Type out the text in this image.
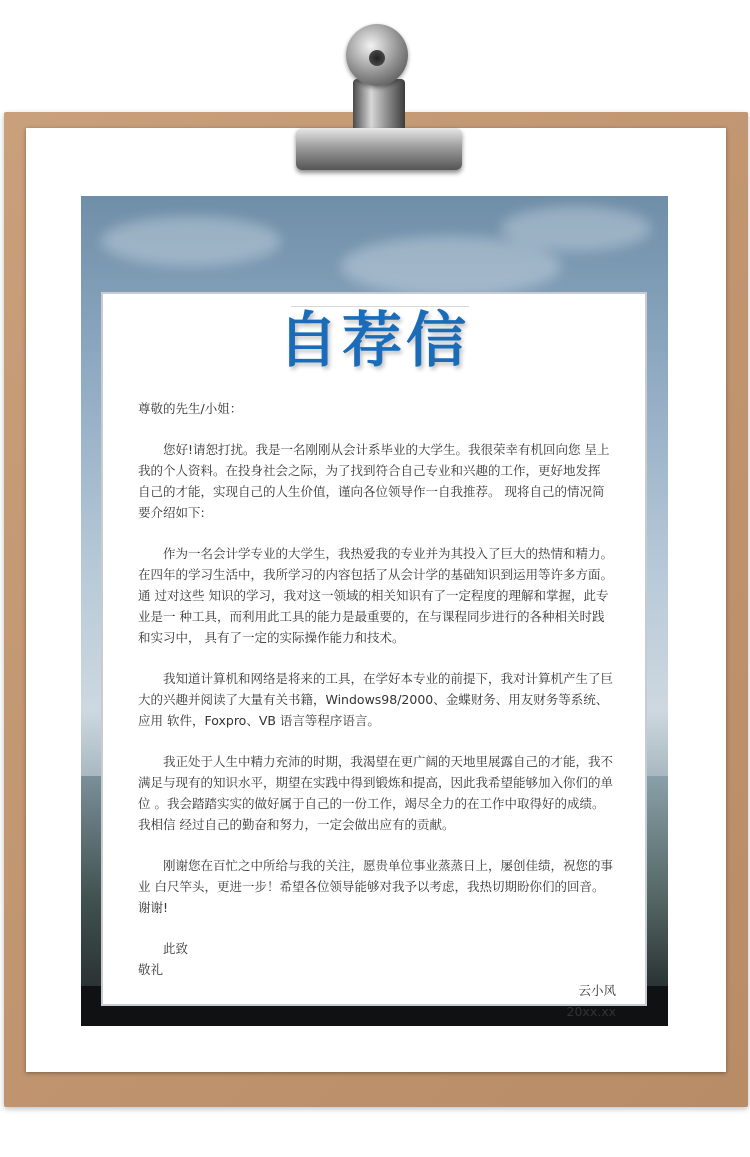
自荐信

尊敬的先生/小姐：

您好!请恕打扰。我是一名刚刚从会计系毕业的大学生。我很荣幸有机回向您 呈上我的个人资料。在投身社会之际，为了找到符合自己专业和兴趣的工作，更好地发挥 自己的才能，实现自己的人生价值，谨向各位领导作一自我推荐。 现将自己的情况简要介绍如下:

作为一名会计学专业的大学生，我热爱我的专业并为其投入了巨大的热情和精力。 在四年的学习生活中，我所学习的内容包括了从会计学的基础知识到运用等许多方面。通 过对这些 知识的学习，我对这一领域的相关知识有了一定程度的理解和掌握，此专业是一 种工具，而利用此工具的能力是最重要的，在与课程同步进行的各种相关时践和实习中， 具有了一定的实际操作能力和技术。

我知道计算机和网络是将来的工具，在学好本专业的前提下，我对计算机产生了巨 大的兴趣并阅读了大量有关书籍，Windows98/2000、金蝶财务、用友财务等系统、应用 软件，Foxpro、VB 语言等程序语言。

我正处于人生中精力充沛的时期，我渴望在更广阔的天地里展露自己的才能，我不 满足与现有的知识水平，期望在实践中得到锻炼和提高，因此我希望能够加入你们的单位 。我会踏踏实实的做好属于自己的一份工作，竭尽全力的在工作中取得好的成绩。我相信 经过自己的勤奋和努力，一定会做出应有的贡献。

刚谢您在百忙之中所给与我的关注，愿贵单位事业蒸蒸日上，屡创佳绩，祝您的事业 白尺竿头，更进一步！希望各位领导能够对我予以考虑，我热切期盼你们的回音。谢谢!

此致

敬礼

云小风

20xx.xx
